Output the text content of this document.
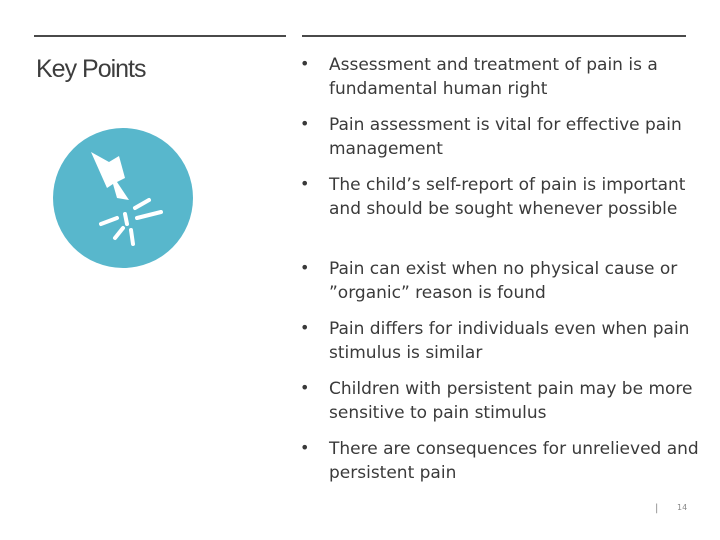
Key Points	• Assessment and treatment of pain is a fundamental human right
• Pain assessment is vital for effective pain management
• The child’s self-report of pain is important and should be sought whenever possible
• Pain can exist when no physical cause or ”organic” reason is found
• Pain differs for individuals even when pain stimulus is similar
• Children with persistent pain may be more sensitive to pain stimulus
• There are consequences for unrelieved and persistent pain
| 14
